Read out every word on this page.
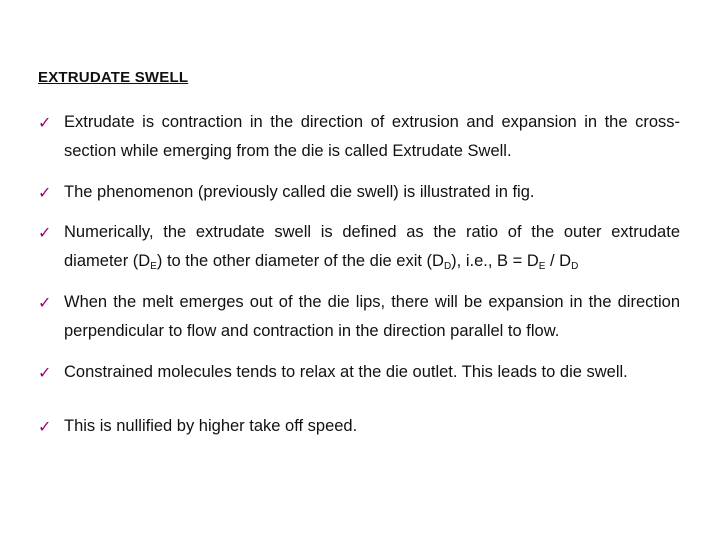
EXTRUDATE SWELL
✓ Extrudate is contraction in the direction of extrusion and expansion in the cross-section while emerging from the die is called Extrudate Swell.
✓ The phenomenon (previously called die swell) is illustrated in fig.
✓ Numerically, the extrudate swell is defined as the ratio of the outer extrudate diameter $(D_E)$ to the other diameter of the die exit $(D_D)$, i.e., $B = D_E / D_D$
✓ When the melt emerges out of the die lips, there will be expansion in the direction perpendicular to flow and contraction in the direction parallel to flow.
✓ Constrained molecules tends to relax at the die outlet. This leads to die swell.
✓ This is nullified by higher take off speed.
